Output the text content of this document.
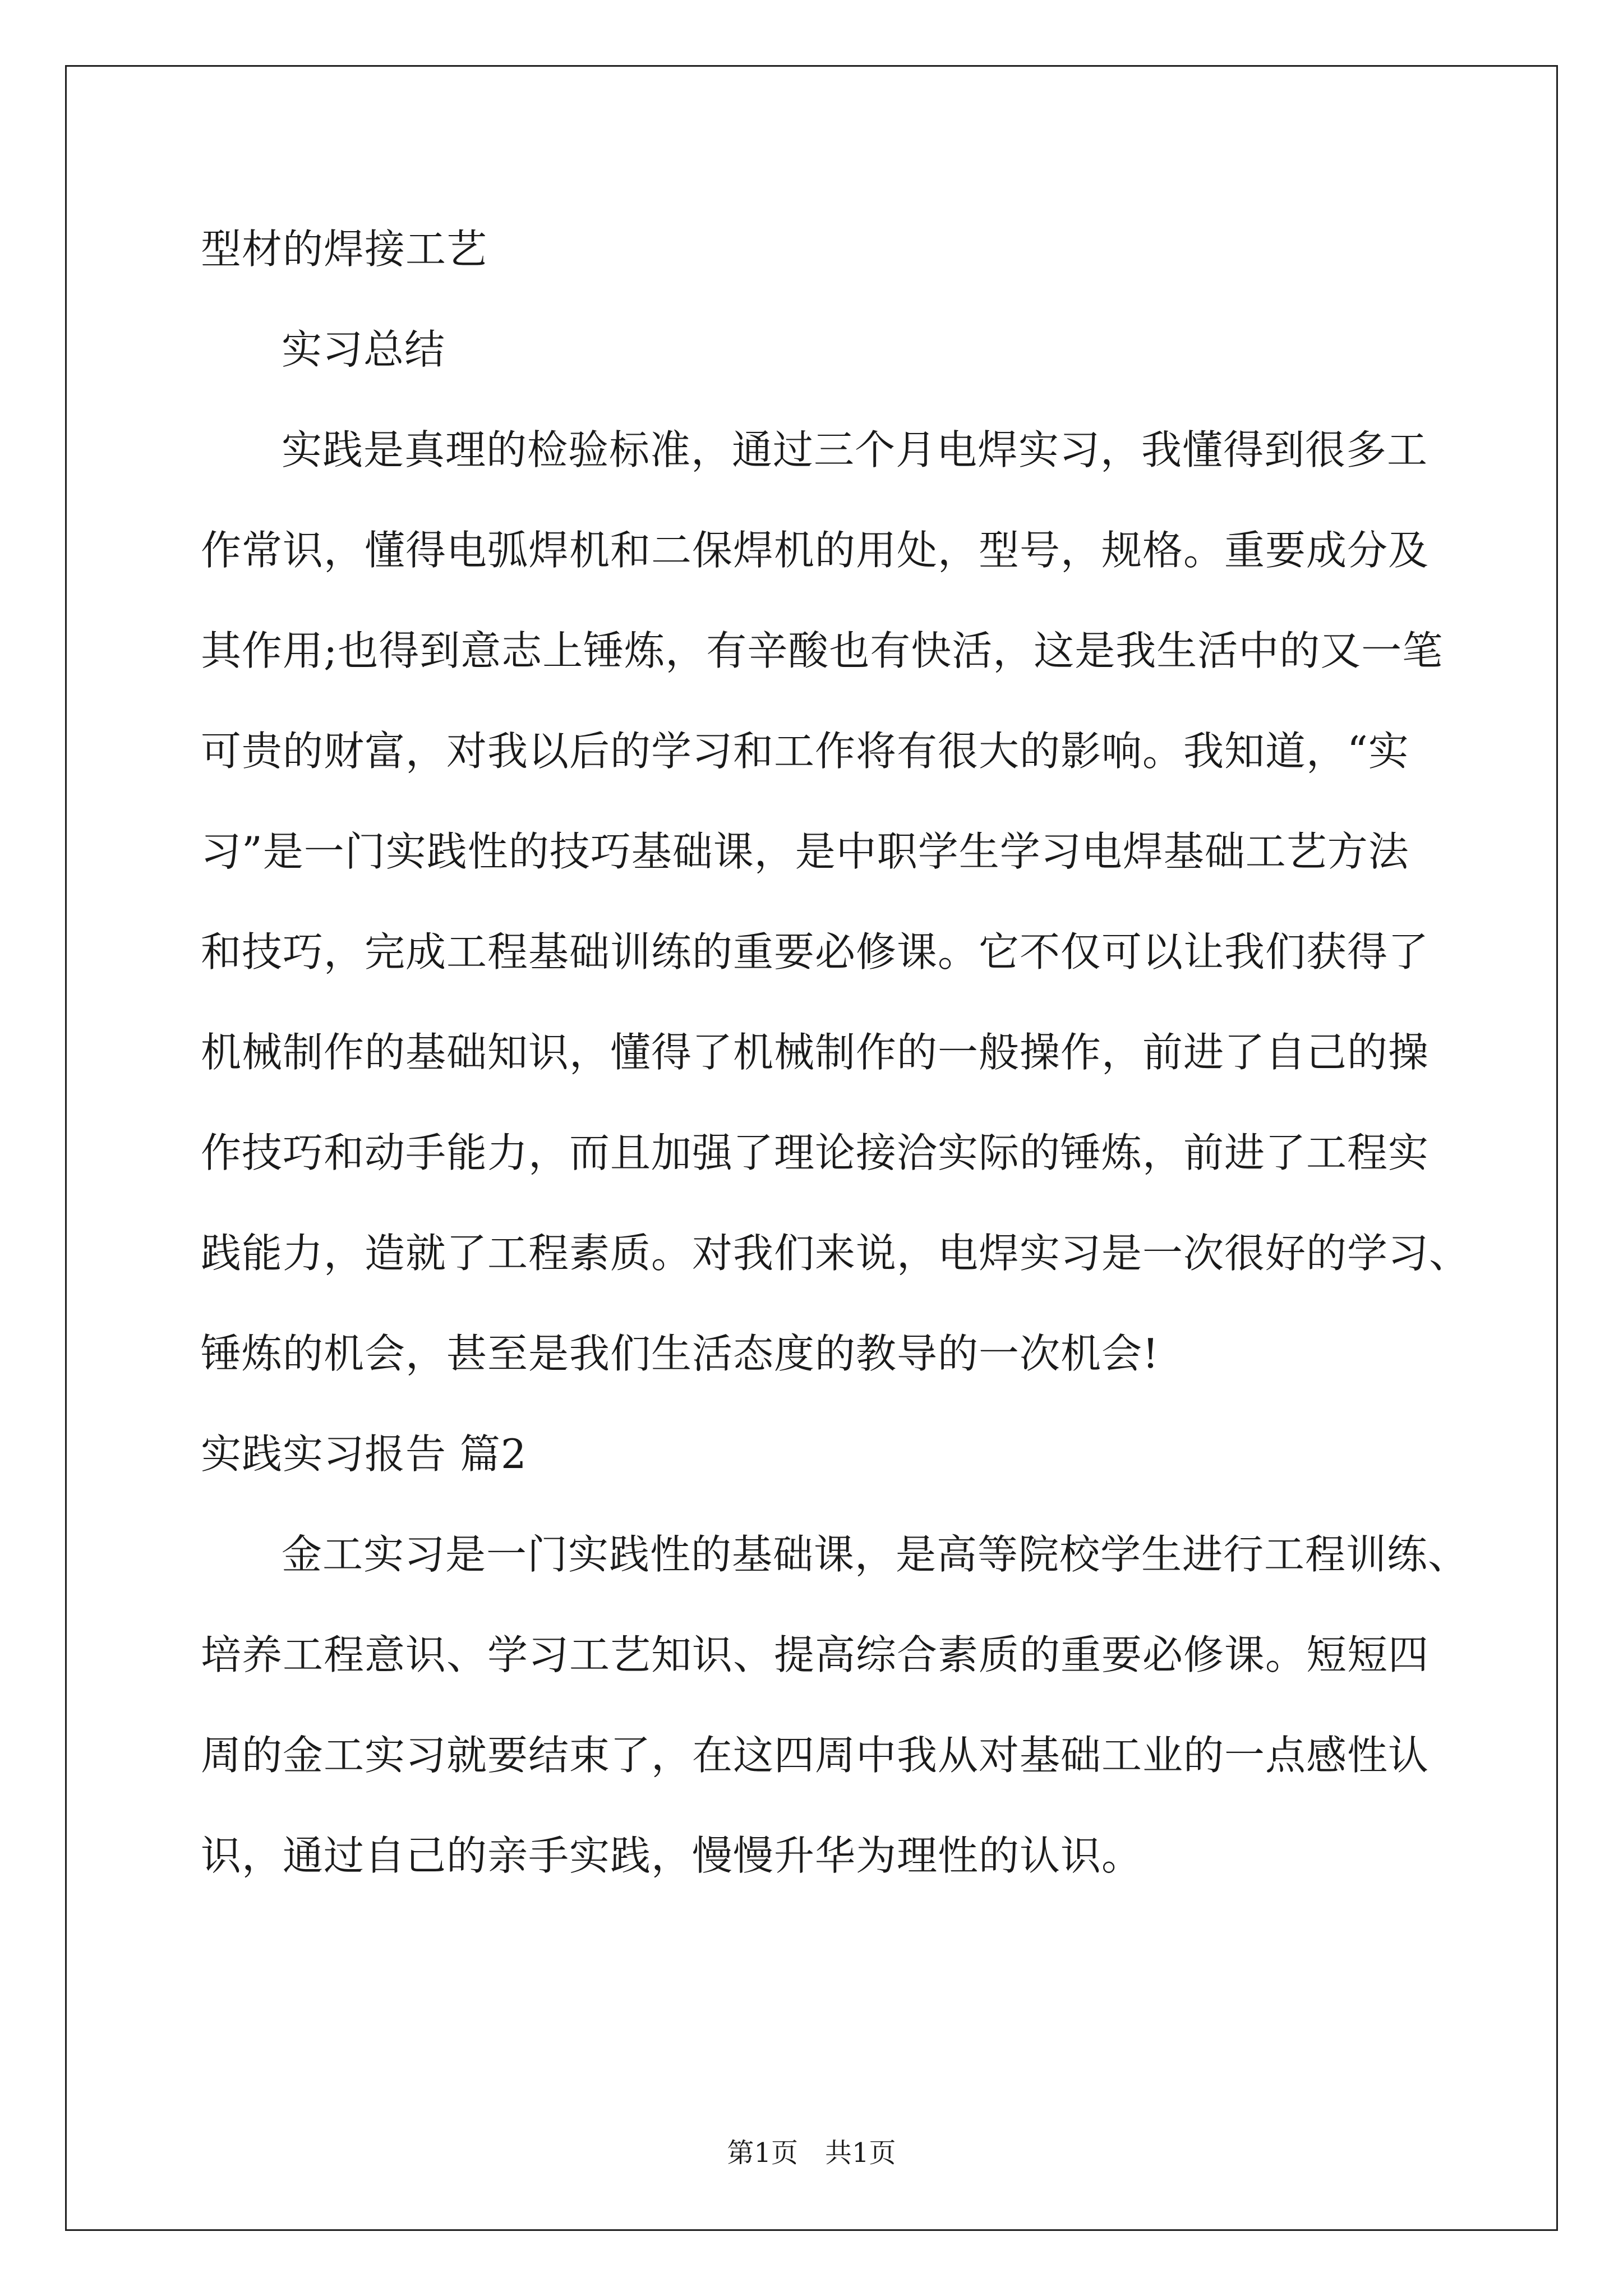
型材的焊接工艺
实习总结
实践是真理的检验标准，通过三个月电焊实习，我懂得到很多工
作常识，懂得电弧焊机和二保焊机的用处，型号，规格。重要成分及
其作用;也得到意志上锤炼，有辛酸也有快活，这是我生活中的又一笔
可贵的财富，对我以后的学习和工作将有很大的影响。我知道，“实
习”是一门实践性的技巧基础课，是中职学生学习电焊基础工艺方法
和技巧，完成工程基础训练的重要必修课。它不仅可以让我们获得了
机械制作的基础知识，懂得了机械制作的一般操作，前进了自己的操
作技巧和动手能力，而且加强了理论接洽实际的锤炼，前进了工程实
践能力，造就了工程素质。对我们来说，电焊实习是一次很好的学习、
锤炼的机会，甚至是我们生活态度的教导的一次机会!
实践实习报告 篇2
金工实习是一门实践性的基础课，是高等院校学生进行工程训练、
培养工程意识、学习工艺知识、提高综合素质的重要必修课。短短四
周的金工实习就要结束了，在这四周中我从对基础工业的一点感性认
识，通过自己的亲手实践，慢慢升华为理性的认识。
第1页 共1页
